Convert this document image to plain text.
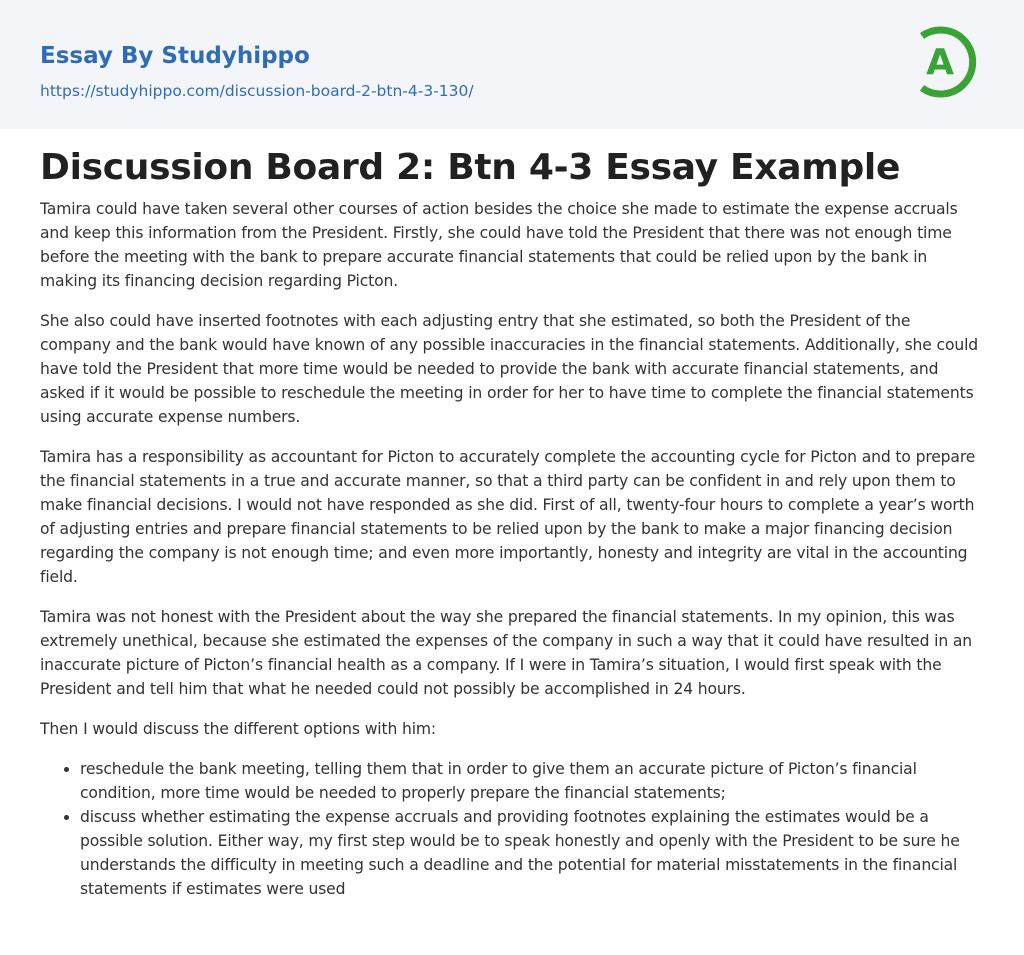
Essay By Studyhippo
https://studyhippo.com/discussion-board-2-btn-4-3-130/
A
Discussion Board 2: Btn 4-3 Essay Example

Tamira could have taken several other courses of action besides the choice she made to estimate the expense accruals and keep this information from the President. Firstly, she could have told the President that there was not enough time before the meeting with the bank to prepare accurate financial statements that could be relied upon by the bank in making its financing decision regarding Picton.

She also could have inserted footnotes with each adjusting entry that she estimated, so both the President of the company and the bank would have known of any possible inaccuracies in the financial statements. Additionally, she could have told the President that more time would be needed to provide the bank with accurate financial statements, and asked if it would be possible to reschedule the meeting in order for her to have time to complete the financial statements using accurate expense numbers.

Tamira has a responsibility as accountant for Picton to accurately complete the accounting cycle for Picton and to prepare the financial statements in a true and accurate manner, so that a third party can be confident in and rely upon them to make financial decisions. I would not have responded as she did. First of all, twenty-four hours to complete a year’s worth of adjusting entries and prepare financial statements to be relied upon by the bank to make a major financing decision regarding the company is not enough time; and even more importantly, honesty and integrity are vital in the accounting field.

Tamira was not honest with the President about the way she prepared the financial statements. In my opinion, this was extremely unethical, because she estimated the expenses of the company in such a way that it could have resulted in an inaccurate picture of Picton’s financial health as a company. If I were in Tamira’s situation, I would first speak with the President and tell him that what he needed could not possibly be accomplished in 24 hours.

Then I would discuss the different options with him:

• reschedule the bank meeting, telling them that in order to give them an accurate picture of Picton’s financial condition, more time would be needed to properly prepare the financial statements;
• discuss whether estimating the expense accruals and providing footnotes explaining the estimates would be a possible solution. Either way, my first step would be to speak honestly and openly with the President to be sure he understands the difficulty in meeting such a deadline and the potential for material misstatements in the financial statements if estimates were used
